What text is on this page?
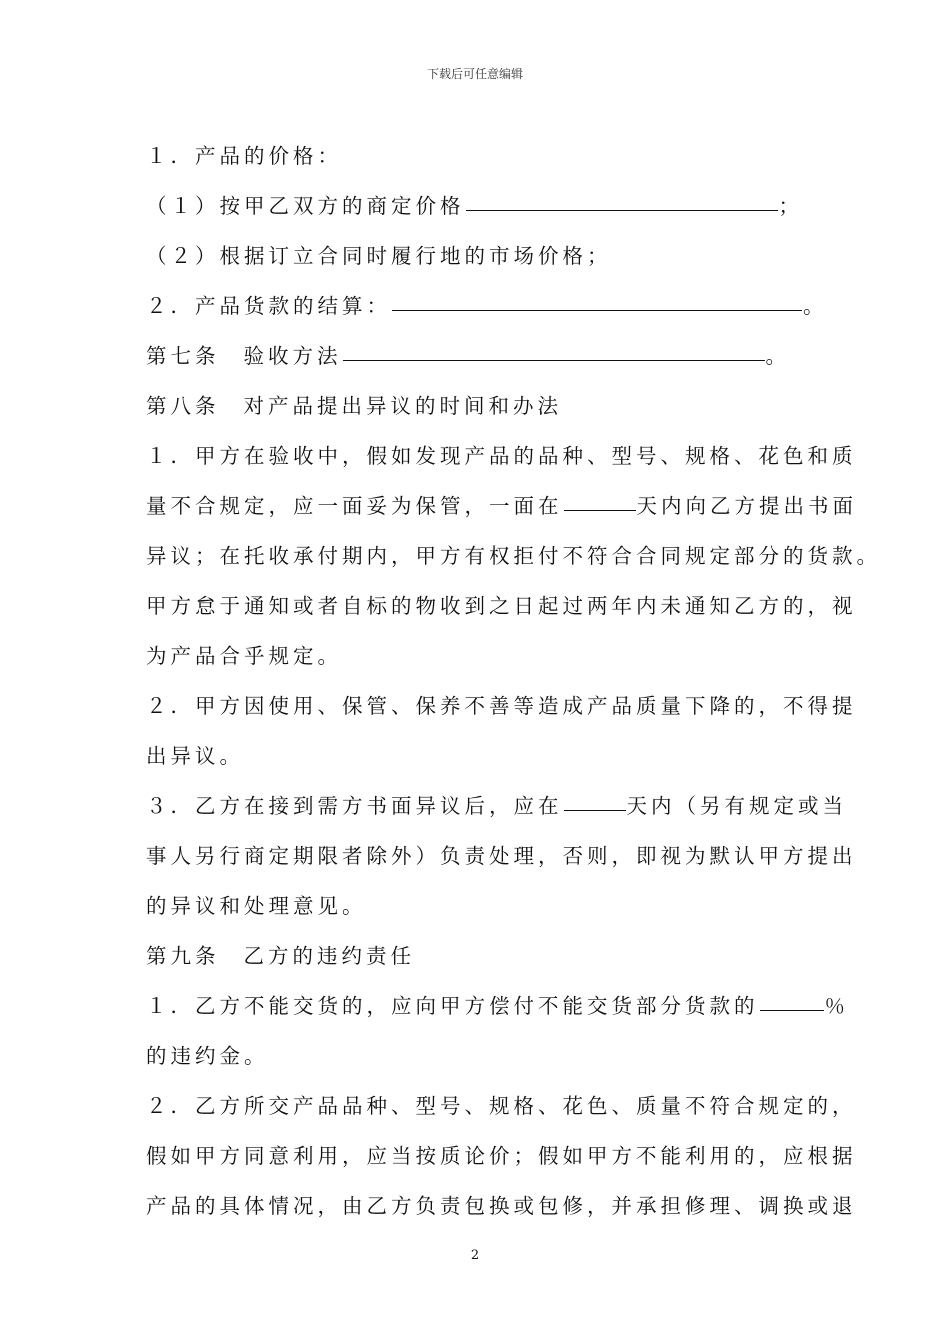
下载后可任意编辑
１．产品的价格：
（１）按甲乙双方的商定价格	；
（２）根据订立合同时履行地的市场价格；
２．产品货款的结算：	。
第七条 验收方法	。
第八条 对产品提出异议的时间和办法
１．甲方在验收中，假如发现产品的品种、型号、规格、花色和质
量不合规定，应一面妥为保管，一面在	天内向乙方提出书面
异议；在托收承付期内，甲方有权拒付不符合合同规定部分的货款。
甲方怠于通知或者自标的物收到之日起过两年内未通知乙方的，视
为产品合乎规定。
２．甲方因使用、保管、保养不善等造成产品质量下降的，不得提
出异议。
３．乙方在接到需方书面异议后，应在	天内（另有规定或当
事人另行商定期限者除外）负责处理，否则，即视为默认甲方提出
的异议和处理意见。
第九条 乙方的违约责任
１．乙方不能交货的，应向甲方偿付不能交货部分货款的	％
的违约金。
２．乙方所交产品品种、型号、规格、花色、质量不符合规定的，
假如甲方同意利用，应当按质论价；假如甲方不能利用的，应根据
产品的具体情况，由乙方负责包换或包修，并承担修理、调换或退
2
